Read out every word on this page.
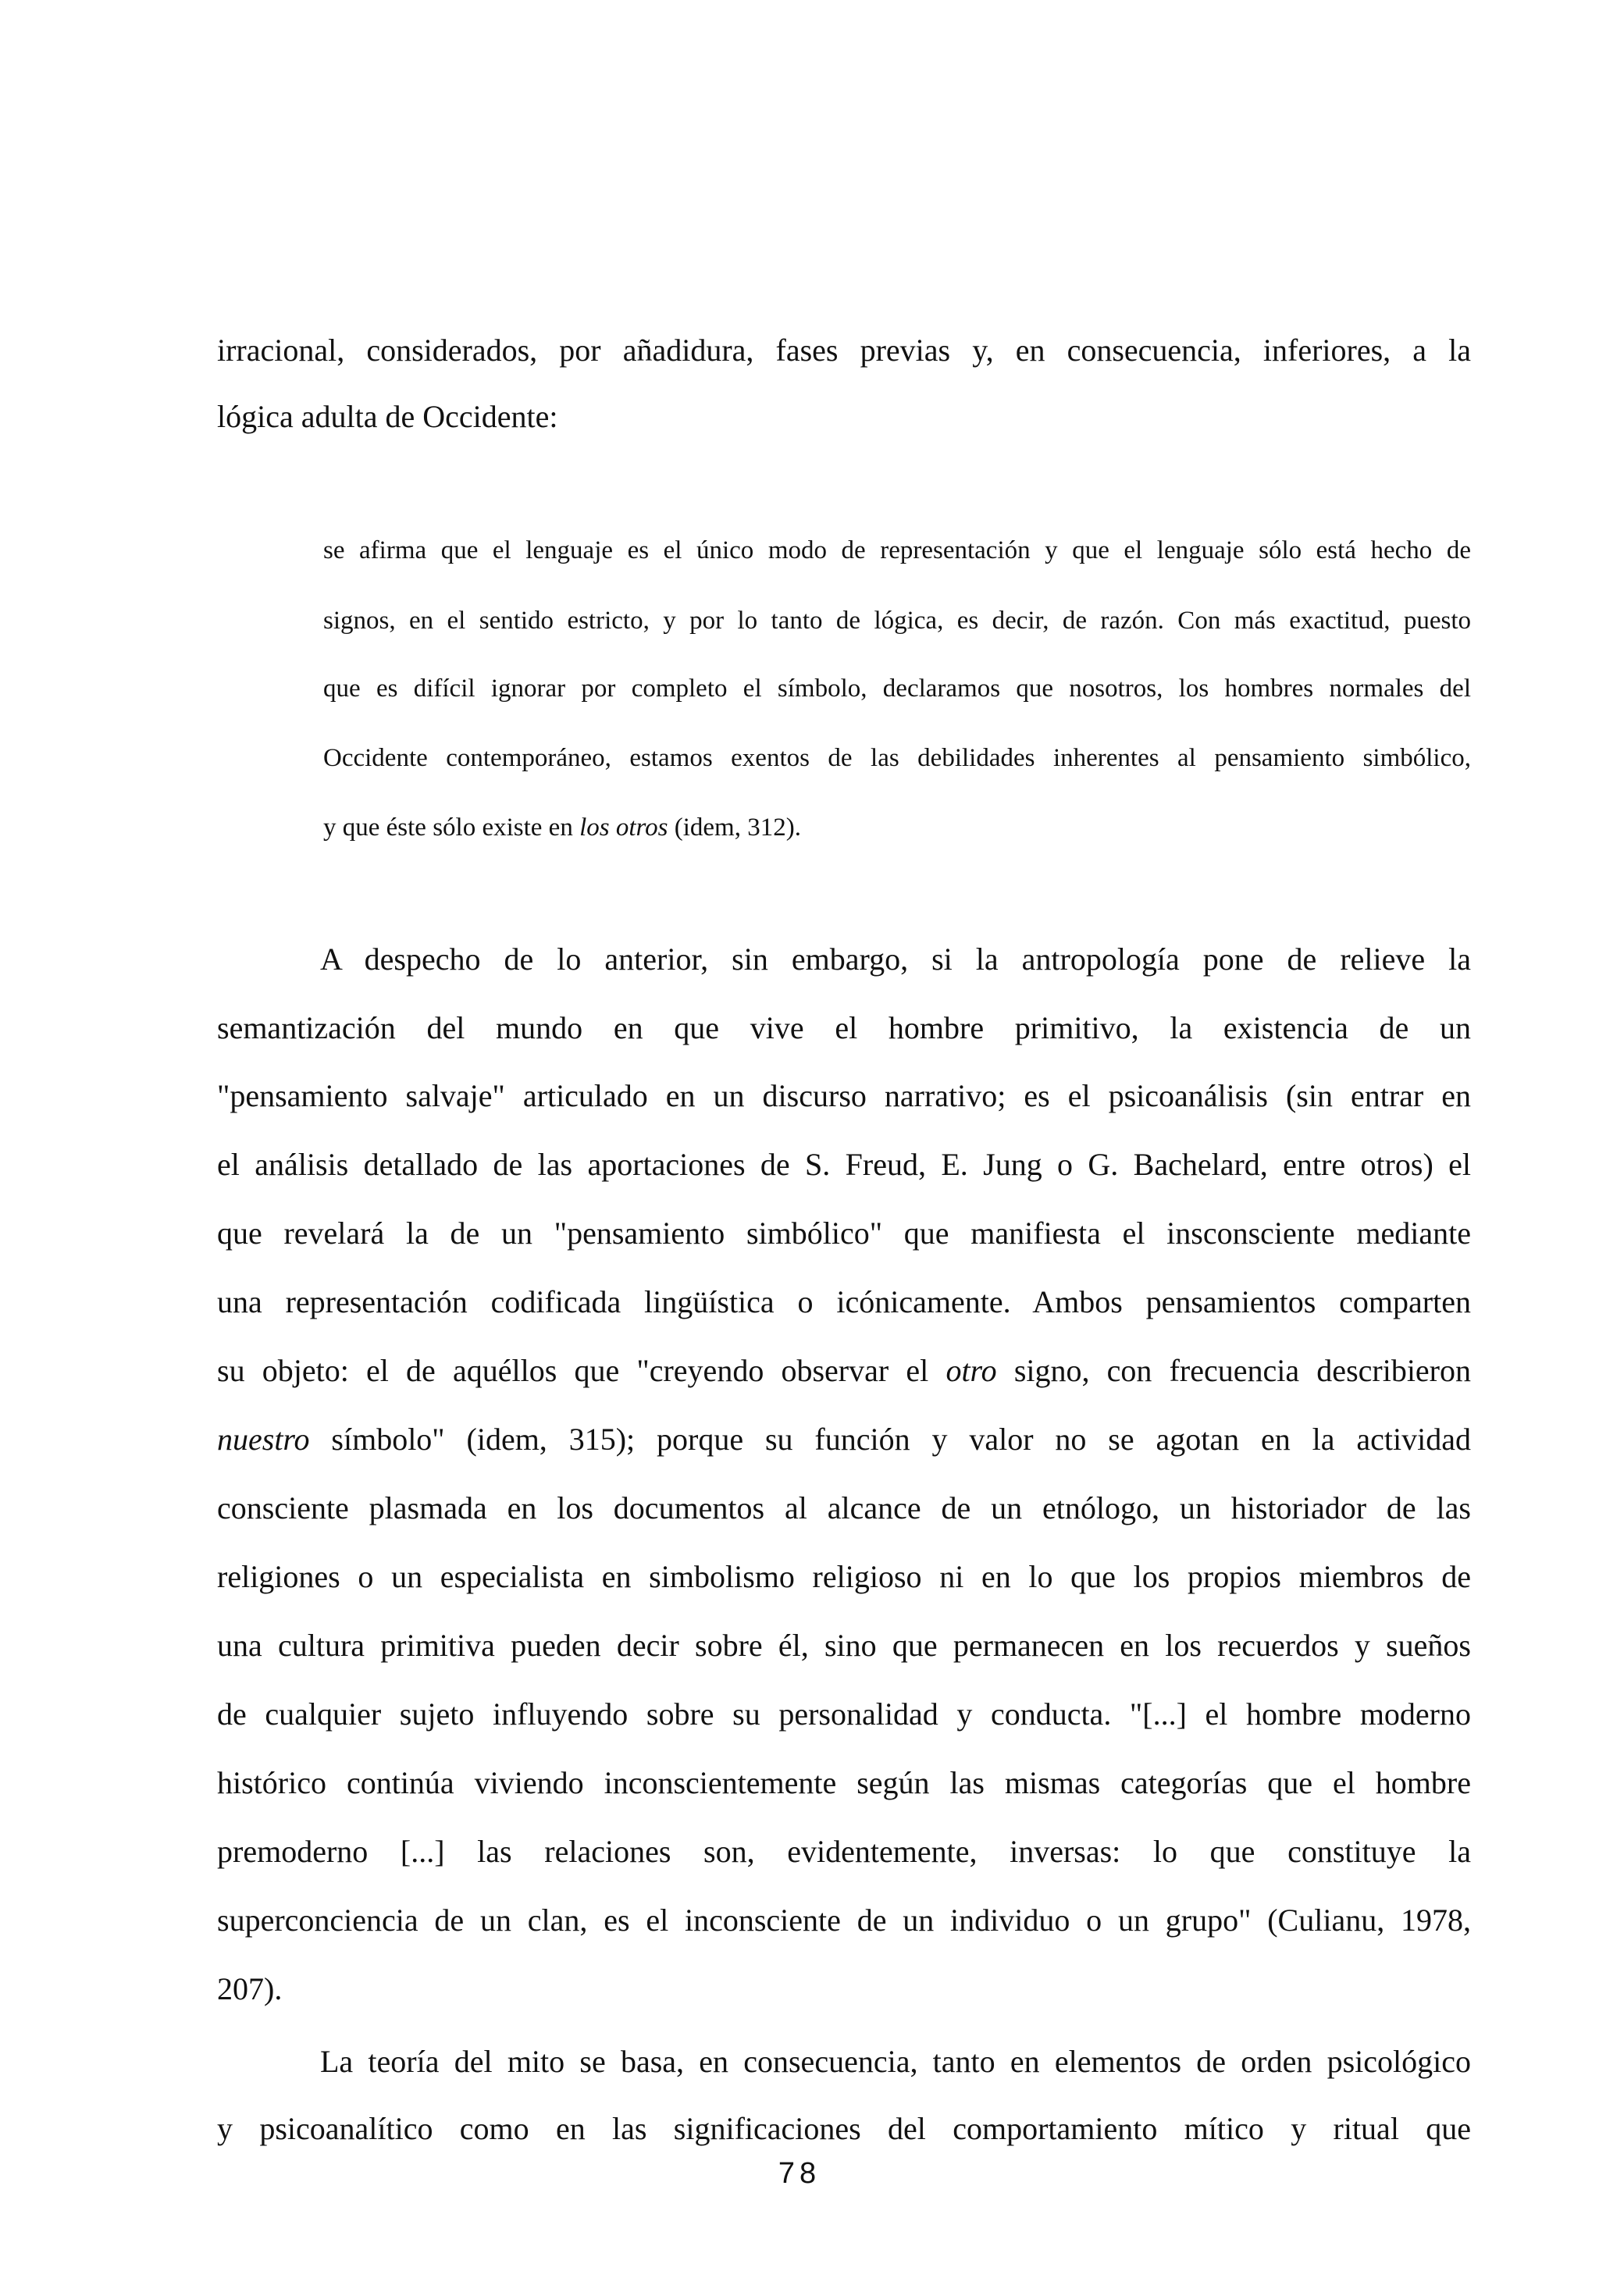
irracional, considerados, por añadidura, fases previas y, en consecuencia, inferiores, a la
lógica adulta de Occidente:
se afirma que el lenguaje es el único modo de representación y que el lenguaje sólo está hecho de
signos, en el sentido estricto, y por lo tanto de lógica, es decir, de razón. Con más exactitud, puesto
que es difícil ignorar por completo el símbolo, declaramos que nosotros, los hombres normales del
Occidente contemporáneo, estamos exentos de las debilidades inherentes al pensamiento simbólico,
y que éste sólo existe en los otros (idem, 312).
A despecho de lo anterior, sin embargo, si la antropología pone de relieve la
semantización del mundo en que vive el hombre primitivo, la existencia de un
"pensamiento salvaje" articulado en un discurso narrativo; es el psicoanálisis (sin entrar en
el análisis detallado de las aportaciones de S. Freud, E. Jung o G. Bachelard, entre otros) el
que revelará la de un "pensamiento simbólico" que manifiesta el insconsciente mediante
una representación codificada lingüística o icónicamente. Ambos pensamientos comparten
su objeto: el de aquéllos que "creyendo observar el otro signo, con frecuencia describieron
nuestro símbolo" (idem, 315); porque su función y valor no se agotan en la actividad
consciente plasmada en los documentos al alcance de un etnólogo, un historiador de las
religiones o un especialista en simbolismo religioso ni en lo que los propios miembros de
una cultura primitiva pueden decir sobre él, sino que permanecen en los recuerdos y sueños
de cualquier sujeto influyendo sobre su personalidad y conducta. "[...] el hombre moderno
histórico continúa viviendo inconscientemente según las mismas categorías que el hombre
premoderno [...] las relaciones son, evidentemente, inversas: lo que constituye la
superconciencia de un clan, es el inconsciente de un individuo o un grupo" (Culianu, 1978,
207).
La teoría del mito se basa, en consecuencia, tanto en elementos de orden psicológico
y psicoanalítico como en las significaciones del comportamiento mítico y ritual que
78
